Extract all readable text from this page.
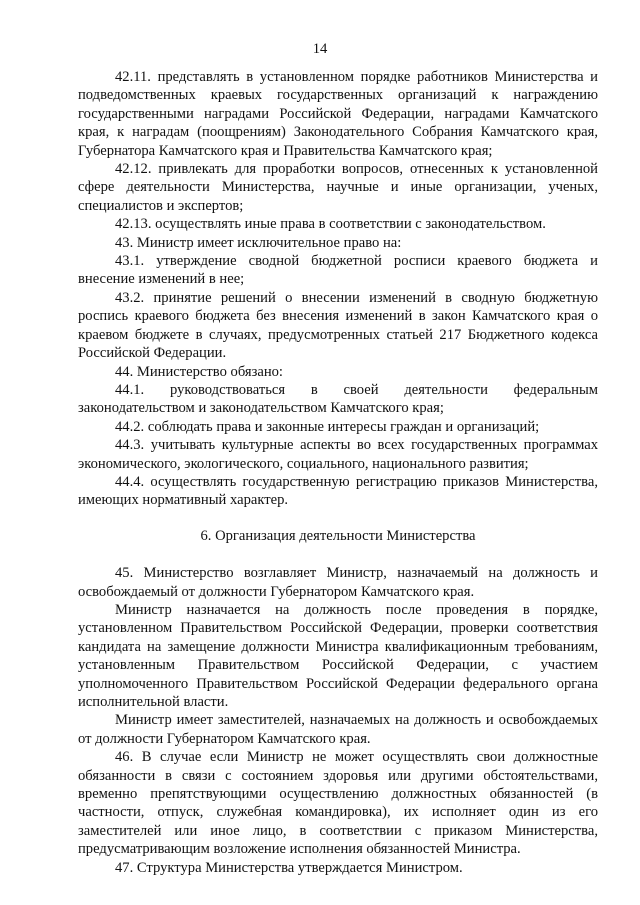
14

42.11. представлять в установленном порядке работников Министерства и подведомственных краевых государственных организаций к награждению государственными наградами Российской Федерации, наградами Камчатского края, к наградам (поощрениям) Законодательного Собрания Камчатского края, Губернатора Камчатского края и Правительства Камчатского края;

42.12. привлекать для проработки вопросов, отнесенных к установленной сфере деятельности Министерства, научные и иные организации, ученых, специалистов и экспертов;

42.13. осуществлять иные права в соответствии с законодательством.

43. Министр имеет исключительное право на:

43.1. утверждение сводной бюджетной росписи краевого бюджета и внесение изменений в нее;

43.2. принятие решений о внесении изменений в сводную бюджетную роспись краевого бюджета без внесения изменений в закон Камчатского края о краевом бюджете в случаях, предусмотренных статьей 217 Бюджетного кодекса Российской Федерации.

44. Министерство обязано:

44.1. руководствоваться в своей деятельности федеральным законодательством и законодательством Камчатского края;

44.2. соблюдать права и законные интересы граждан и организаций;

44.3. учитывать культурные аспекты во всех государственных программах экономического, экологического, социального, национального развития;

44.4. осуществлять государственную регистрацию приказов Министерства, имеющих нормативный характер.

6. Организация деятельности Министерства

45. Министерство возглавляет Министр, назначаемый на должность и освобождаемый от должности Губернатором Камчатского края.

Министр назначается на должность после проведения в порядке, установленном Правительством Российской Федерации, проверки соответствия кандидата на замещение должности Министра квалификационным требованиям, установленным Правительством Российской Федерации, с участием уполномоченного Правительством Российской Федерации федерального органа исполнительной власти.

Министр имеет заместителей, назначаемых на должность и освобождаемых от должности Губернатором Камчатского края.

46. В случае если Министр не может осуществлять свои должностные обязанности в связи с состоянием здоровья или другими обстоятельствами, временно препятствующими осуществлению должностных обязанностей (в частности, отпуск, служебная командировка), их исполняет один из его заместителей или иное лицо, в соответствии с приказом Министерства, предусматривающим возложение исполнения обязанностей Министра.

47. Структура Министерства утверждается Министром.
